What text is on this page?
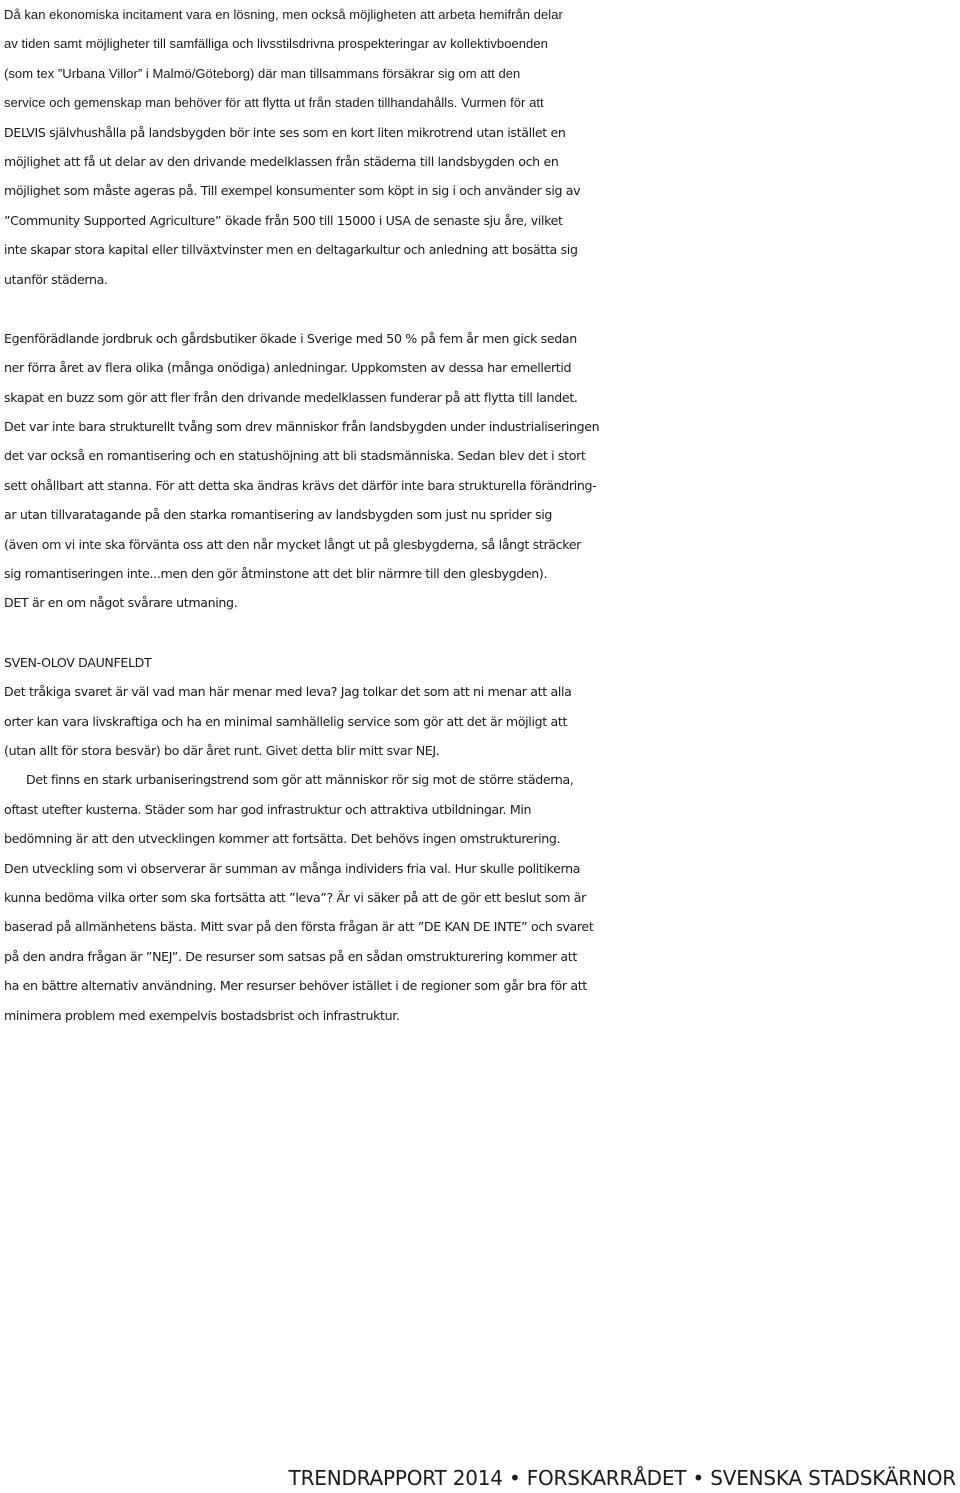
Då kan ekonomiska incitament vara en lösning, men också möjligheten att arbeta hemifrån delar
av tiden samt möjligheter till samfälliga och livsstilsdrivna prospekteringar av kollektivboenden
(som tex ”Urbana Villor” i Malmö/Göteborg) där man tillsammans försäkrar sig om att den
service och gemenskap man behöver för att flytta ut från staden tillhandahålls. Vurmen för att
DELVIS självhushålla på landsbygden bör inte ses som en kort liten mikrotrend utan istället en
möjlighet att få ut delar av den drivande medelklassen från städerna till landsbygden och en
möjlighet som måste ageras på. Till exempel konsumenter som köpt in sig i och använder sig av
”Community Supported Agriculture” ökade från 500 till 15000 i USA de senaste sju åre, vilket
inte skapar stora kapital eller tillväxtvinster men en deltagarkultur och anledning att bosätta sig
utanför städerna.
Egenförädlande jordbruk och gårdsbutiker ökade i Sverige med 50 % på fem år men gick sedan
ner förra året av flera olika (många onödiga) anledningar. Uppkomsten av dessa har emellertid
skapat en buzz som gör att fler från den drivande medelklassen funderar på att flytta till landet.
Det var inte bara strukturellt tvång som drev människor från landsbygden under industrialiseringen
det var också en romantisering och en statushöjning att bli stadsmänniska. Sedan blev det i stort
sett ohållbart att stanna. För att detta ska ändras krävs det därför inte bara strukturella förändring-
ar utan tillvaratagande på den starka romantisering av landsbygden som just nu sprider sig
(även om vi inte ska förvänta oss att den når mycket långt ut på glesbygderna, så långt sträcker
sig romantiseringen inte...men den gör åtminstone att det blir närmre till den glesbygden).
DET är en om något svårare utmaning.
SVEN-OLOV DAUNFELDT
Det tråkiga svaret är väl vad man här menar med leva? Jag tolkar det som att ni menar att alla
orter kan vara livskraftiga och ha en minimal samhällelig service som gör att det är möjligt att
(utan allt för stora besvär) bo där året runt. Givet detta blir mitt svar NEJ.
Det finns en stark urbaniseringstrend som gör att människor rör sig mot de större städerna,
oftast utefter kusterna. Städer som har god infrastruktur och attraktiva utbildningar. Min
bedömning är att den utvecklingen kommer att fortsätta. Det behövs ingen omstrukturering.
Den utveckling som vi observerar är summan av många individers fria val. Hur skulle politikerna
kunna bedöma vilka orter som ska fortsätta att ”leva”? Är vi säker på att de gör ett beslut som är
baserad på allmänhetens bästa. Mitt svar på den första frågan är att ”DE KAN DE INTE” och svaret
på den andra frågan är ”NEJ”. De resurser som satsas på en sådan omstrukturering kommer att
ha en bättre alternativ användning. Mer resurser behöver istället i de regioner som går bra för att
minimera problem med exempelvis bostadsbrist och infrastruktur.
TRENDRAPPORT 2014 • FORSKARRÅDET • SVENSKA STADSKÄRNOR
